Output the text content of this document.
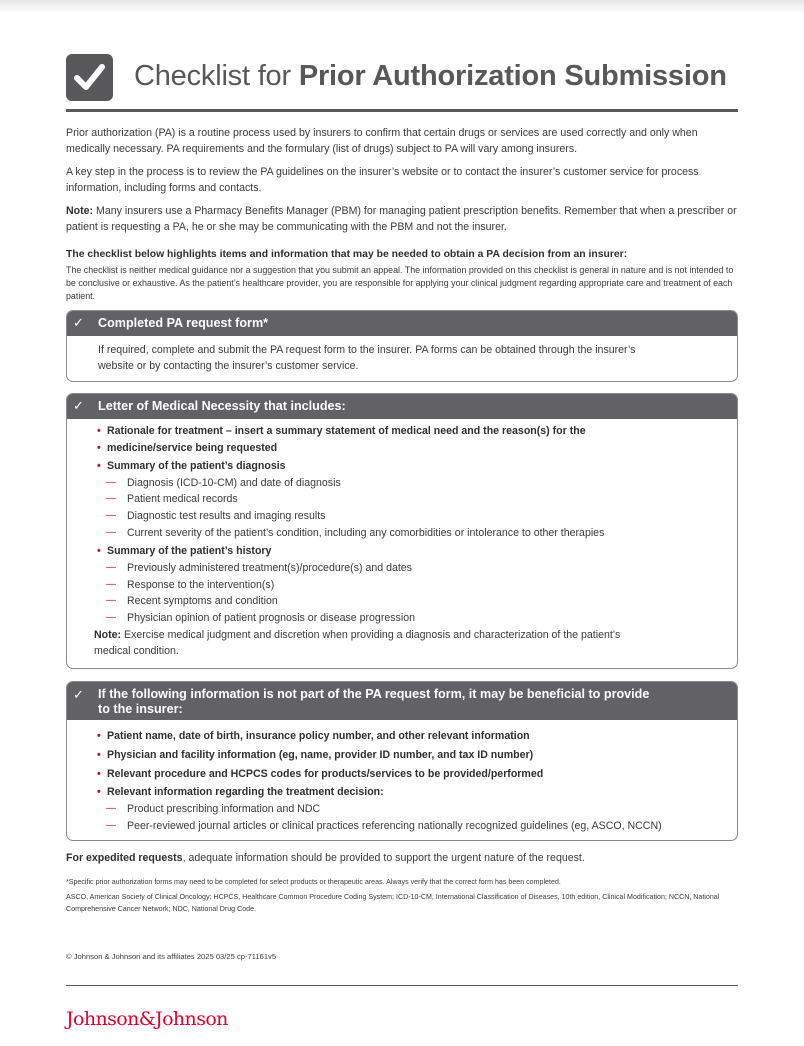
Checklist for Prior Authorization Submission

Prior authorization (PA) is a routine process used by insurers to confirm that certain drugs or services are used correctly and only when medically necessary. PA requirements and the formulary (list of drugs) subject to PA will vary among insurers.

A key step in the process is to review the PA guidelines on the insurer’s website or to contact the insurer’s customer service for process information, including forms and contacts.

Note: Many insurers use a Pharmacy Benefits Manager (PBM) for managing patient prescription benefits. Remember that when a prescriber or patient is requesting a PA, he or she may be communicating with the PBM and not the insurer.

The checklist below highlights items and information that may be needed to obtain a PA decision from an insurer:
The checklist is neither medical guidance nor a suggestion that you submit an appeal. The information provided on this checklist is general in nature and is not intended to be conclusive or exhaustive. As the patient’s healthcare provider, you are responsible for applying your clinical judgment regarding appropriate care and treatment of each patient.
✓ Completed PA request form*
If required, complete and submit the PA request form to the insurer. PA forms can be obtained through the insurer’s website or by contacting the insurer’s customer service.
✓ Letter of Medical Necessity that includes:
• Rationale for treatment – insert a summary statement of medical need and the reason(s) for the
• medicine/service being requested
• Summary of the patient’s diagnosis
— Diagnosis (ICD-10-CM) and date of diagnosis
— Patient medical records
— Diagnostic test results and imaging results
— Current severity of the patient’s condition, including any comorbidities or intolerance to other therapies
• Summary of the patient’s history
— Previously administered treatment(s)/procedure(s) and dates
— Response to the intervention(s)
— Recent symptoms and condition
— Physician opinion of patient prognosis or disease progression
Note: Exercise medical judgment and discretion when providing a diagnosis and characterization of the patient’s
medical condition.
✓ If the following information is not part of the PA request form, it may be beneficial to provide
to the insurer:
• Patient name, date of birth, insurance policy number, and other relevant information
• Physician and facility information (eg, name, provider ID number, and tax ID number)
• Relevant procedure and HCPCS codes for products/services to be provided/performed
• Relevant information regarding the treatment decision:
— Product prescribing information and NDC
— Peer-reviewed journal articles or clinical practices referencing nationally recognized guidelines (eg, ASCO, NCCN)
For expedited requests, adequate information should be provided to support the urgent nature of the request.
*Specific prior authorization forms may need to be completed for select products or therapeutic areas. Always verify that the correct form has been completed.
ASCO, American Society of Clinical Oncology; HCPCS, Healthcare Common Procedure Coding System; ICD-10-CM, International Classification of Diseases, 10th edition, Clinical Modification; NCCN, National Comprehensive Cancer Network; NDC, National Drug Code.
© Johnson & Johnson and its affiliates 2025 03/25 cp-71161v5
Johnson&Johnson
